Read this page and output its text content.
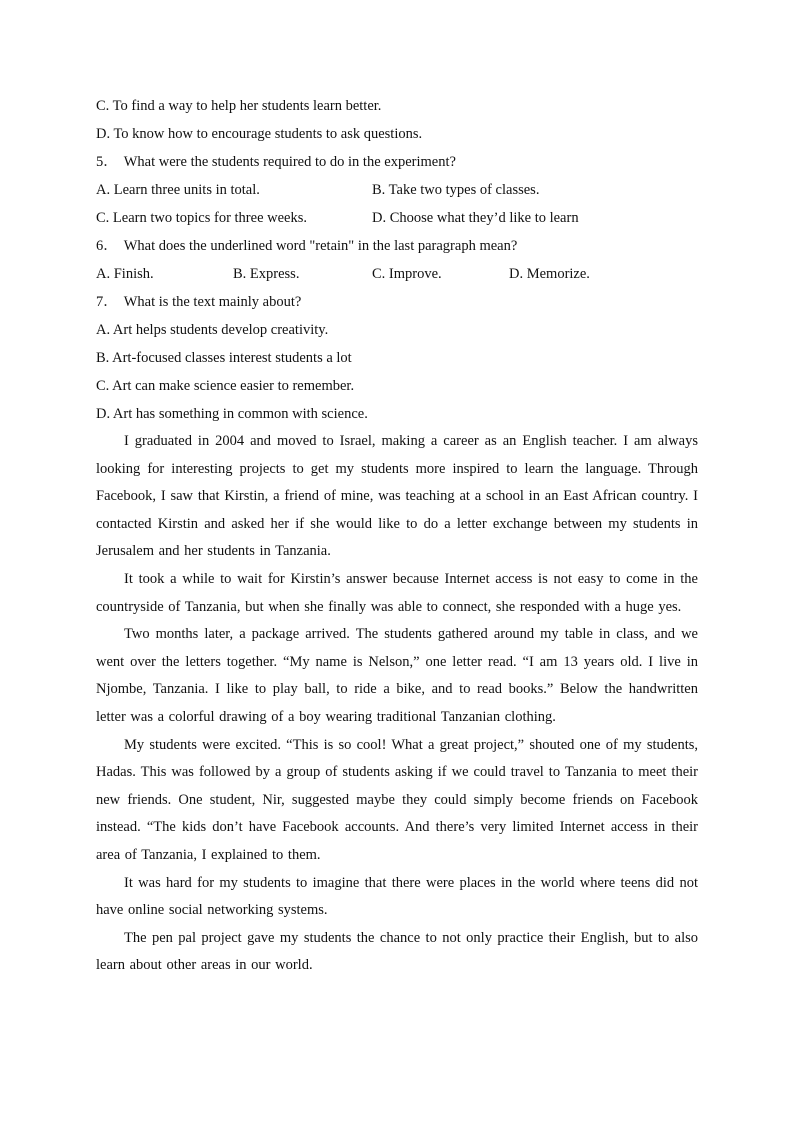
C. To find a way to help her students learn better.
D. To know how to encourage students to ask questions.
5． What were the students required to do in the experiment?
A. Learn three units in total.	B. Take two types of classes.
C. Learn two topics for three weeks.	D. Choose what they’d like to learn
6． What does the underlined word "retain" in the last paragraph mean?
A. Finish.	B. Express.	C. Improve.	D. Memorize.
7． What is the text mainly about?
A. Art helps students develop creativity.
B. Art-focused classes interest students a lot
C. Art can make science easier to remember.
D. Art has something in common with science.

I graduated in 2004 and moved to Israel, making a career as an English teacher. I am always looking for interesting projects to get my students more inspired to learn the language. Through Facebook, I saw that Kirstin, a friend of mine, was teaching at a school in an East African country. I contacted Kirstin and asked her if she would like to do a letter exchange between my students in Jerusalem and her students in Tanzania.

It took a while to wait for Kirstin’s answer because Internet access is not easy to come in the countryside of Tanzania, but when she finally was able to connect, she responded with a huge yes.

Two months later, a package arrived. The students gathered around my table in class, and we went over the letters together. “My name is Nelson,” one letter read. “I am 13 years old. I live in Njombe, Tanzania. I like to play ball, to ride a bike, and to read books.” Below the handwritten letter was a colorful drawing of a boy wearing traditional Tanzanian clothing.

My students were excited. “This is so cool! What a great project,” shouted one of my students, Hadas. This was followed by a group of students asking if we could travel to Tanzania to meet their new friends. One student, Nir, suggested maybe they could simply become friends on Facebook instead. “The kids don’t have Facebook accounts. And there’s very limited Internet access in their area of Tanzania, I explained to them.

It was hard for my students to imagine that there were places in the world where teens did not have online social networking systems.

The pen pal project gave my students the chance to not only practice their English, but to also learn about other areas in our world.
